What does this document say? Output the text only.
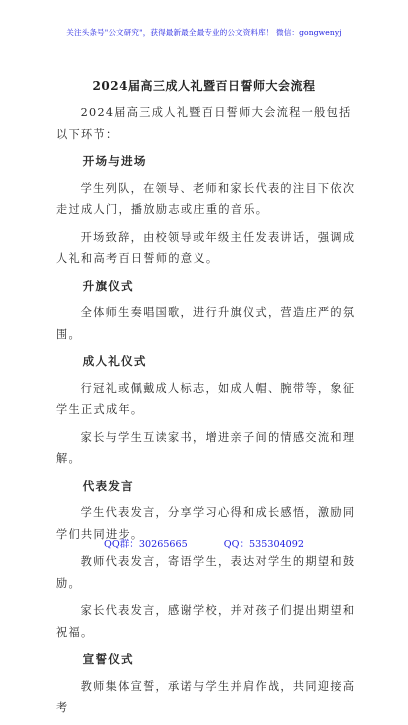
关注头条号"公文研究"，获得最新最全最专业的公文资料库！ 微信：gongwenyj
2024届高三成人礼暨百日誓师大会流程

2024届高三成人礼暨百日誓师大会流程一般包括以下环节：

开场与进场

学生列队，在领导、老师和家长代表的注目下依次走过成人门，播放励志或庄重的音乐。

开场致辞，由校领导或年级主任发表讲话，强调成人礼和高考百日誓师的意义。

升旗仪式

全体师生奏唱国歌，进行升旗仪式，营造庄严的氛围。

成人礼仪式

行冠礼或佩戴成人标志，如成人帽、腕带等，象征学生正式成年。

家长与学生互读家书，增进亲子间的情感交流和理解。

代表发言

学生代表发言，分享学习心得和成长感悟，激励同学们共同进步。

教师代表发言，寄语学生，表达对学生的期望和鼓励。

家长代表发言，感谢学校，并对孩子们提出期望和祝福。

宣誓仪式

教师集体宣誓，承诺与学生并肩作战，共同迎接高考

QQ群：30265665	QQ：535304092
